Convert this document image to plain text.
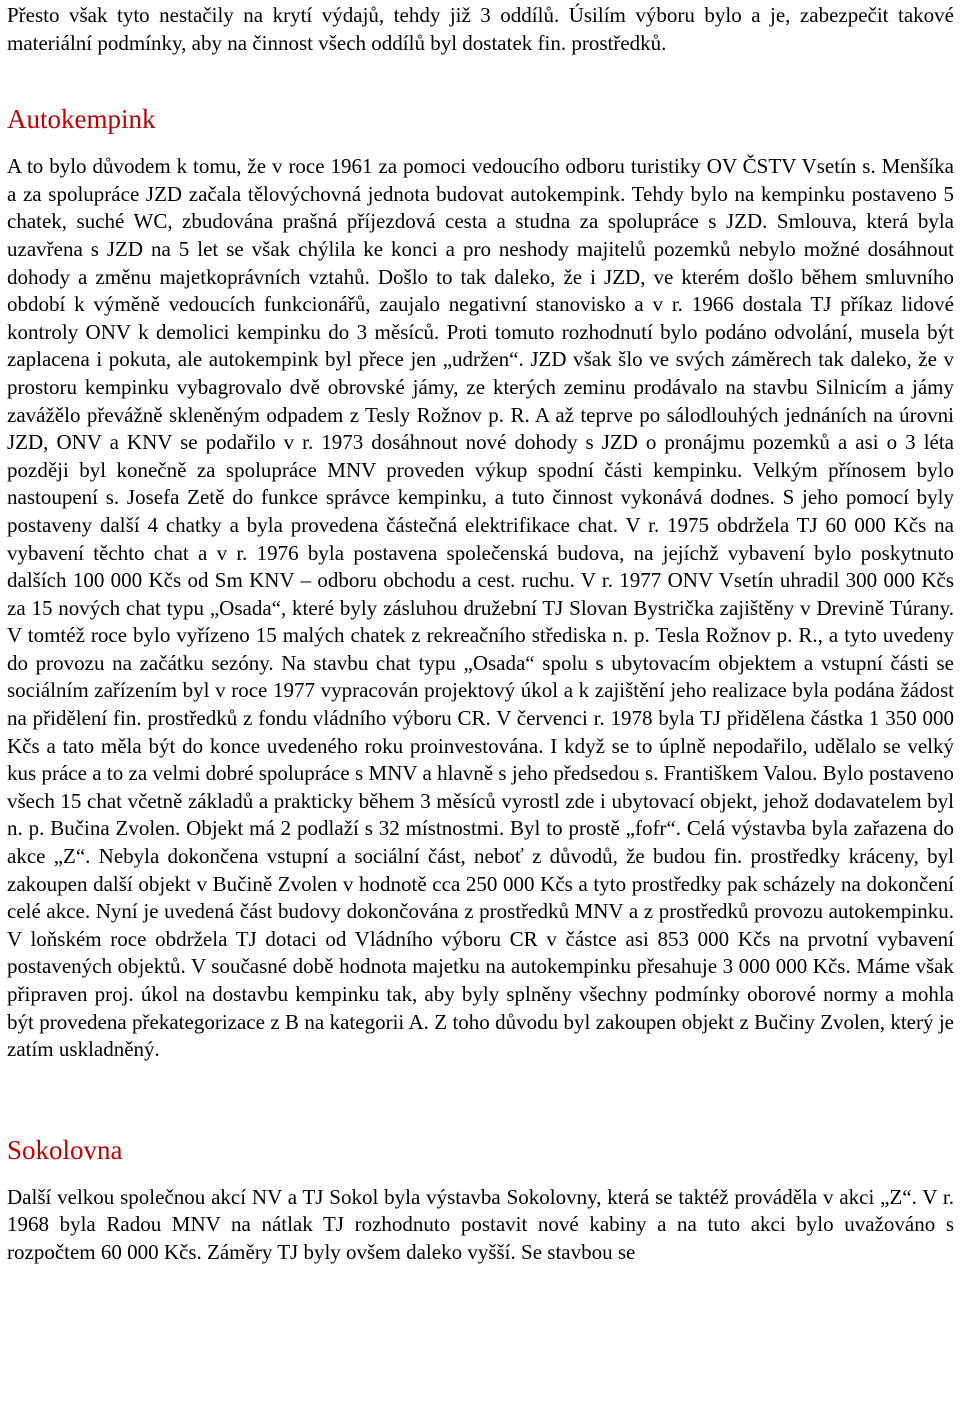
Přesto však tyto nestačily na krytí výdajů, tehdy již 3 oddílů. Úsilím výboru bylo a je, zabezpečit takové materiální podmínky, aby na činnost všech oddílů byl dostatek fin. prostředků.

Autokempink

A to bylo důvodem k tomu, že v roce 1961 za pomoci vedoucího odboru turistiky OV ČSTV Vsetín s. Menšíka a za spolupráce JZD začala tělovýchovná jednota budovat autokempink. Tehdy bylo na kempinku postaveno 5 chatek, suché WC, zbudována prašná příjezdová cesta a studna za spolupráce s JZD. Smlouva, která byla uzavřena s JZD na 5 let se však chýlila ke konci a pro neshody majitelů pozemků nebylo možné dosáhnout dohody a změnu majetkoprávních vztahů. Došlo to tak daleko, že i JZD, ve kterém došlo během smluvního období k výměně vedoucích funkcionářů, zaujalo negativní stanovisko a v r. 1966 dostala TJ příkaz lidové kontroly ONV k demolici kempinku do 3 měsíců. Proti tomuto rozhodnutí bylo podáno odvolání, musela být zaplacena i pokuta, ale autokempink byl přece jen „udržen“. JZD však šlo ve svých záměrech tak daleko, že v prostoru kempinku vybagrovalo dvě obrovské jámy, ze kterých zeminu prodávalo na stavbu Silnicím a jámy zavážělo převážně skleněným odpadem z Tesly Rožnov p. R. A až teprve po sálodlouhých jednáních na úrovni JZD, ONV a KNV se podařilo v r. 1973 dosáhnout nové dohody s JZD o pronájmu pozemků a asi o 3 léta později byl konečně za spolupráce MNV proveden výkup spodní části kempinku. Velkým přínosem bylo nastoupení s. Josefa Zetě do funkce správce kempinku, a tuto činnost vykonává dodnes. S jeho pomocí byly postaveny další 4 chatky a byla provedena částečná elektrifikace chat. V r. 1975 obdržela TJ 60 000 Kčs na vybavení těchto chat a v r. 1976 byla postavena společenská budova, na jejíchž vybavení bylo poskytnuto dalších 100 000 Kčs od Sm KNV – odboru obchodu a cest. ruchu. V r. 1977 ONV Vsetín uhradil 300 000 Kčs za 15 nových chat typu „Osada“, které byly zásluhou družební TJ Slovan Bystrička zajištěny v Drevině Túrany. V tomtéž roce bylo vyřízeno 15 malých chatek z rekreačního střediska n. p. Tesla Rožnov p. R., a tyto uvedeny do provozu na začátku sezóny. Na stavbu chat typu „Osada“ spolu s ubytovacím objektem a vstupní části se sociálním zařízením byl v roce 1977 vypracován projektový úkol a k zajištění jeho realizace byla podána žádost na přidělení fin. prostředků z fondu vládního výboru CR. V červenci r. 1978 byla TJ přidělena částka 1 350 000 Kčs a tato měla být do konce uvedeného roku proinvestována. I když se to úplně nepodařilo, udělalo se velký kus práce a to za velmi dobré spolupráce s MNV a hlavně s jeho předsedou s. Františkem Valou. Bylo postaveno všech 15 chat včetně základů a prakticky během 3 měsíců vyrostl zde i ubytovací objekt, jehož dodavatelem byl n. p. Bučina Zvolen. Objekt má 2 podlaží s 32 místnostmi. Byl to prostě „fofr“. Celá výstavba byla zařazena do akce „Z“. Nebyla dokončena vstupní a sociální část, neboť z důvodů, že budou fin. prostředky kráceny, byl zakoupen další objekt v Bučině Zvolen v hodnotě cca 250 000 Kčs a tyto prostředky pak scházely na dokončení celé akce. Nyní je uvedená část budovy dokončována z prostředků MNV a z prostředků provozu autokempinku. V loňském roce obdržela TJ dotaci od Vládního výboru CR v částce asi 853 000 Kčs na prvotní vybavení postavených objektů. V současné době hodnota majetku na autokempinku přesahuje 3 000 000 Kčs. Máme však připraven proj. úkol na dostavbu kempinku tak, aby byly splněny všechny podmínky oborové normy a mohla být provedena překategorizace z B na kategorii A. Z toho důvodu byl zakoupen objekt z Bučiny Zvolen, který je zatím uskladněný.

Sokolovna

Další velkou společnou akcí NV a TJ Sokol byla výstavba Sokolovny, která se taktéž prováděla v akci „Z“. V r. 1968 byla Radou MNV na nátlak TJ rozhodnuto postavit nové kabiny a na tuto akci bylo uvažováno s rozpočtem 60 000 Kčs. Záměry TJ byly ovšem daleko vyšší. Se stavbou se
